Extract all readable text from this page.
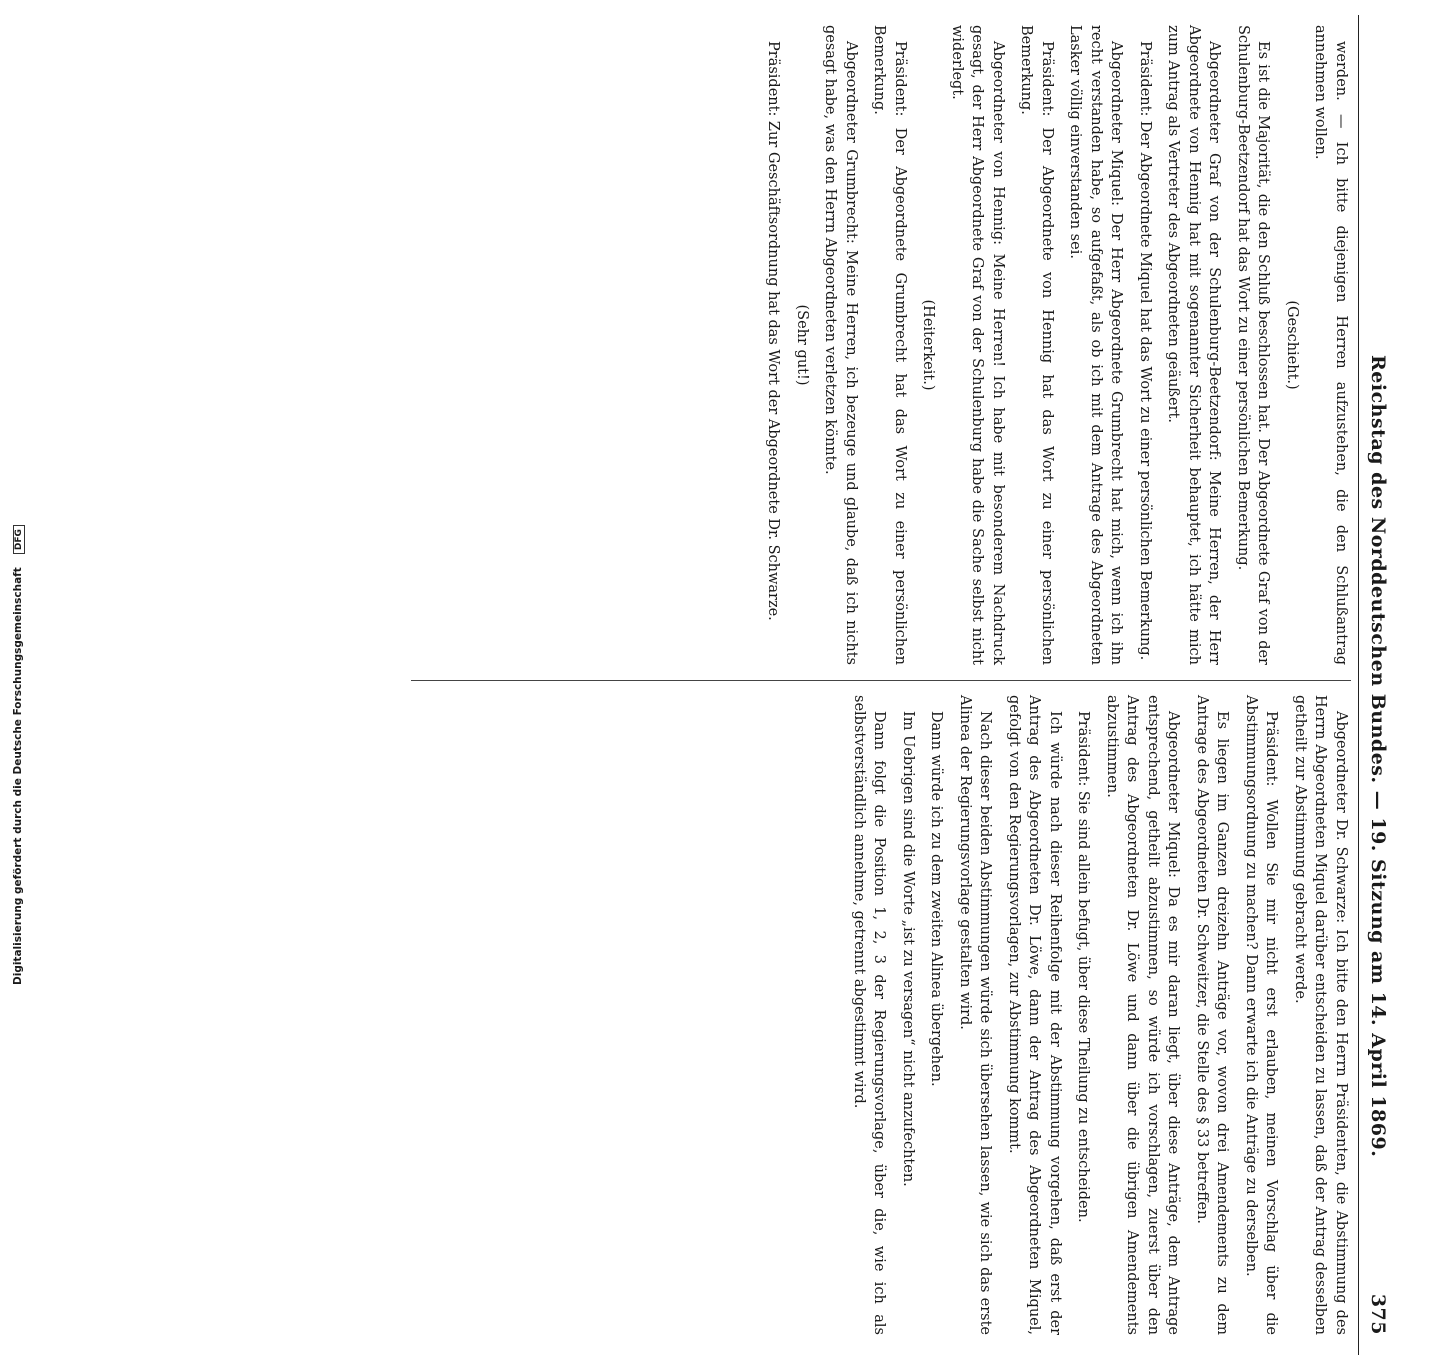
Reichstag des Norddeutschen Bundes. — 19. Sitzung am 14. April 1869.
375

werden. — Ich bitte diejenigen Herren aufzustehen, die den Schlußantrag annehmen wollen.

(Geschieht.)

Es ist die Majorität, die den Schluß beschlossen hat. Der Abgeordnete Graf von der Schulenburg-Beetzendorf hat das Wort zu einer persönlichen Bemerkung.

Abgeordneter Graf von der Schulenburg-Beetzendorf: Meine Herren, der Herr Abgeordnete von Hennig hat mit sogenannter Sicherheit behauptet, ich hätte mich zum Antrag als Vertreter des Abgeordneten geäußert.

Präsident: Der Abgeordnete Miquel hat das Wort zu einer persönlichen Bemerkung.

Abgeordneter Miquel: Der Herr Abgeordnete Grumbrecht hat mich, wenn ich ihn recht verstanden habe, so aufgefaßt, als ob ich mit dem Antrage des Abgeordneten Lasker völlig einverstanden sei.

Präsident: Der Abgeordnete von Hennig hat das Wort zu einer persönlichen Bemerkung.

Abgeordneter von Hennig: Meine Herren! Ich habe mit besonderem Nachdruck gesagt, der Herr Abgeordnete Graf von der Schulenburg habe die Sache selbst nicht widerlegt.

(Heiterkeit.)

Präsident: Der Abgeordnete Grumbrecht hat das Wort zu einer persönlichen Bemerkung.

Abgeordneter Grumbrecht: Meine Herren, ich bezeuge und glaube, daß ich nichts gesagt habe, was den Herrn Abgeordneten verletzen könnte.

(Sehr gut!)

Präsident: Zur Geschäftsordnung hat das Wort der Abgeordnete Dr. Schwarze.

Abgeordneter Dr. Schwarze: Ich bitte den Herrn Präsidenten, die Abstimmung des Herrn Abgeordneten Miquel darüber entscheiden zu lassen, daß der Antrag desselben getheilt zur Abstimmung gebracht werde.

Präsident: Wollen Sie mir nicht erst erlauben, meinen Vorschlag über die Abstimmungsordnung zu machen? Dann erwarte ich die Anträge zu derselben.

Es liegen im Ganzen dreizehn Anträge vor, wovon drei Amendements zu dem Antrage des Abgeordneten Dr. Schweitzer, die Stelle des § 33 betreffen.

Abgeordneter Miquel: Da es mir daran liegt, über diese Anträge, dem Antrage entsprechend, getheilt abzustimmen, so würde ich vorschlagen, zuerst über den Antrag des Abgeordneten Dr. Löwe und dann über die übrigen Amendements abzustimmen.

Präsident: Sie sind allein befugt, über diese Theilung zu entscheiden.

Ich würde nach dieser Reihenfolge mit der Abstimmung vorgehen, daß erst der Antrag des Abgeordneten Dr. Löwe, dann der Antrag des Abgeordneten Miquel, gefolgt von den Regierungsvorlagen, zur Abstimmung kommt.

Nach dieser beiden Abstimmungen würde sich übersehen lassen, wie sich das erste Alinea der Regierungsvorlage gestalten wird.

Dann würde ich zu dem zweiten Alinea übergehen.

Im Uebrigen sind die Worte „ist zu versagen“ nicht anzufechten.

Dann folgt die Position 1, 2, 3 der Regierungsvorlage, über die, wie ich als selbstverständlich annehme, getrennt abgestimmt wird.

Digitalisierung gefördert durch die Deutsche Forschungsgemeinschaft DFG
